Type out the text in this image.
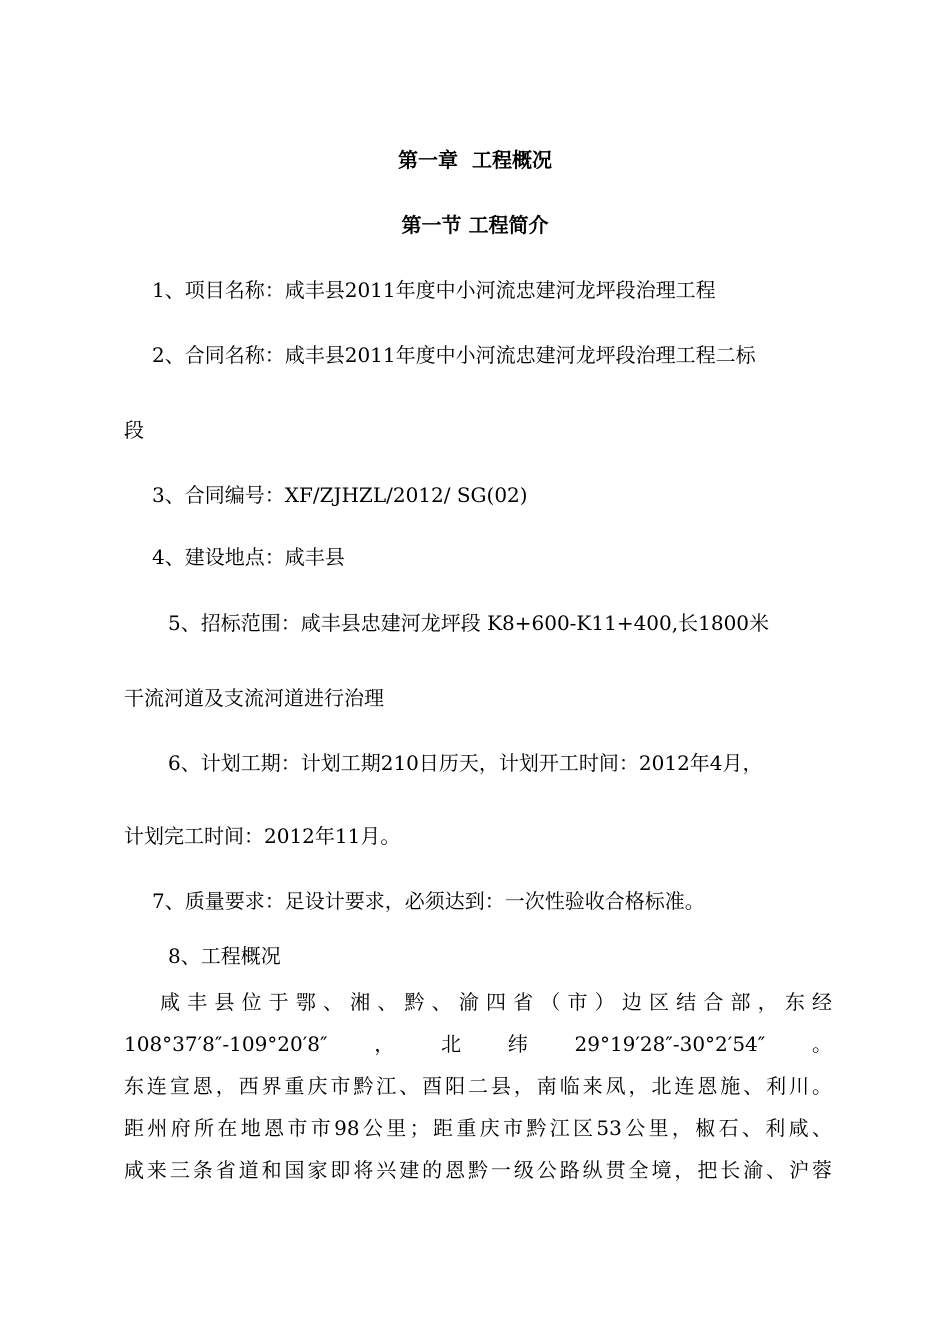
第一章  工程概况
第一节 工程简介
1、项目名称：咸丰县2011年度中小河流忠建河龙坪段治理工程
2、合同名称：咸丰县2011年度中小河流忠建河龙坪段治理工程二标
段
3、合同编号：XF/ZJHZL/2012/ SG(02)
4、建设地点：咸丰县
5、招标范围：咸丰县忠建河龙坪段 K8+600-K11+400,长1800米
干流河道及支流河道进行治理
6、计划工期：计划工期210日历天，计划开工时间：2012年4月，
计划完工时间：2012年11月。
7、质量要求：足设计要求，必须达到：一次性验收合格标准。
8、工程概况
咸丰县位于鄂、湘、黔、渝四省（市）边区结合部，东经
108°37′8″-109°20′8″，北纬29°19′28″-30°2′54″。
东连宣恩，西界重庆市黔江、酉阳二县，南临来凤，北连恩施、利川。
距州府所在地恩市市98公里；距重庆市黔江区53公里，椒石、利咸、
咸来三条省道和国家即将兴建的恩黔一级公路纵贯全境，把长渝、沪蓉
